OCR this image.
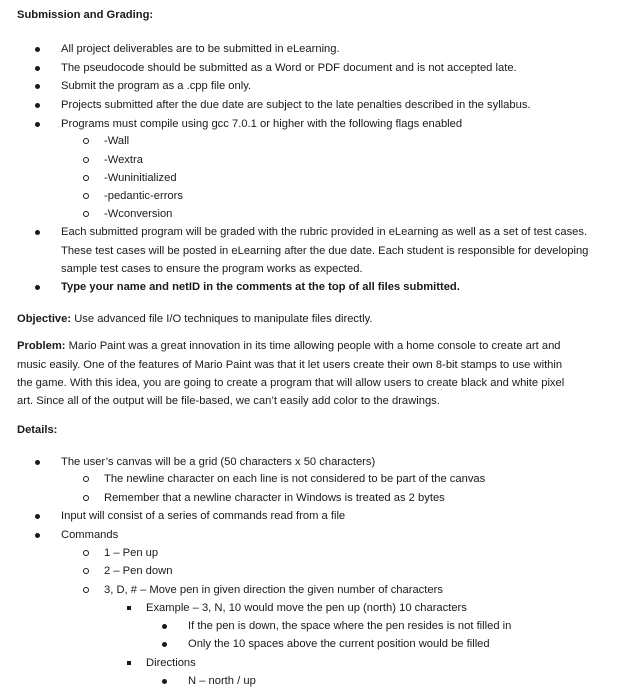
Submission and Grading:
All project deliverables are to be submitted in eLearning.
The pseudocode should be submitted as a Word or PDF document and is not accepted late.
Submit the program as a .cpp file only.
Projects submitted after the due date are subject to the late penalties described in the syllabus.
Programs must compile using gcc 7.0.1 or higher with the following flags enabled
-Wall
-Wextra
-Wuninitialized
-pedantic-errors
-Wconversion
Each submitted program will be graded with the rubric provided in eLearning as well as a set of test cases.
These test cases will be posted in eLearning after the due date. Each student is responsible for developing
sample test cases to ensure the program works as expected.
Type your name and netID in the comments at the top of all files submitted.
Objective: Use advanced file I/O techniques to manipulate files directly.
Problem: Mario Paint was a great innovation in its time allowing people with a home console to create art and
music easily. One of the features of Mario Paint was that it let users create their own 8-bit stamps to use within
the game. With this idea, you are going to create a program that will allow users to create black and white pixel
art. Since all of the output will be file-based, we can’t easily add color to the drawings.
Details:
The user’s canvas will be a grid (50 characters x 50 characters)
The newline character on each line is not considered to be part of the canvas
Remember that a newline character in Windows is treated as 2 bytes
Input will consist of a series of commands read from a file
Commands
1 – Pen up
2 – Pen down
3, D, # – Move pen in given direction the given number of characters
Example – 3, N, 10 would move the pen up (north) 10 characters
If the pen is down, the space where the pen resides is not filled in
Only the 10 spaces above the current position would be filled
Directions
N – north / up
